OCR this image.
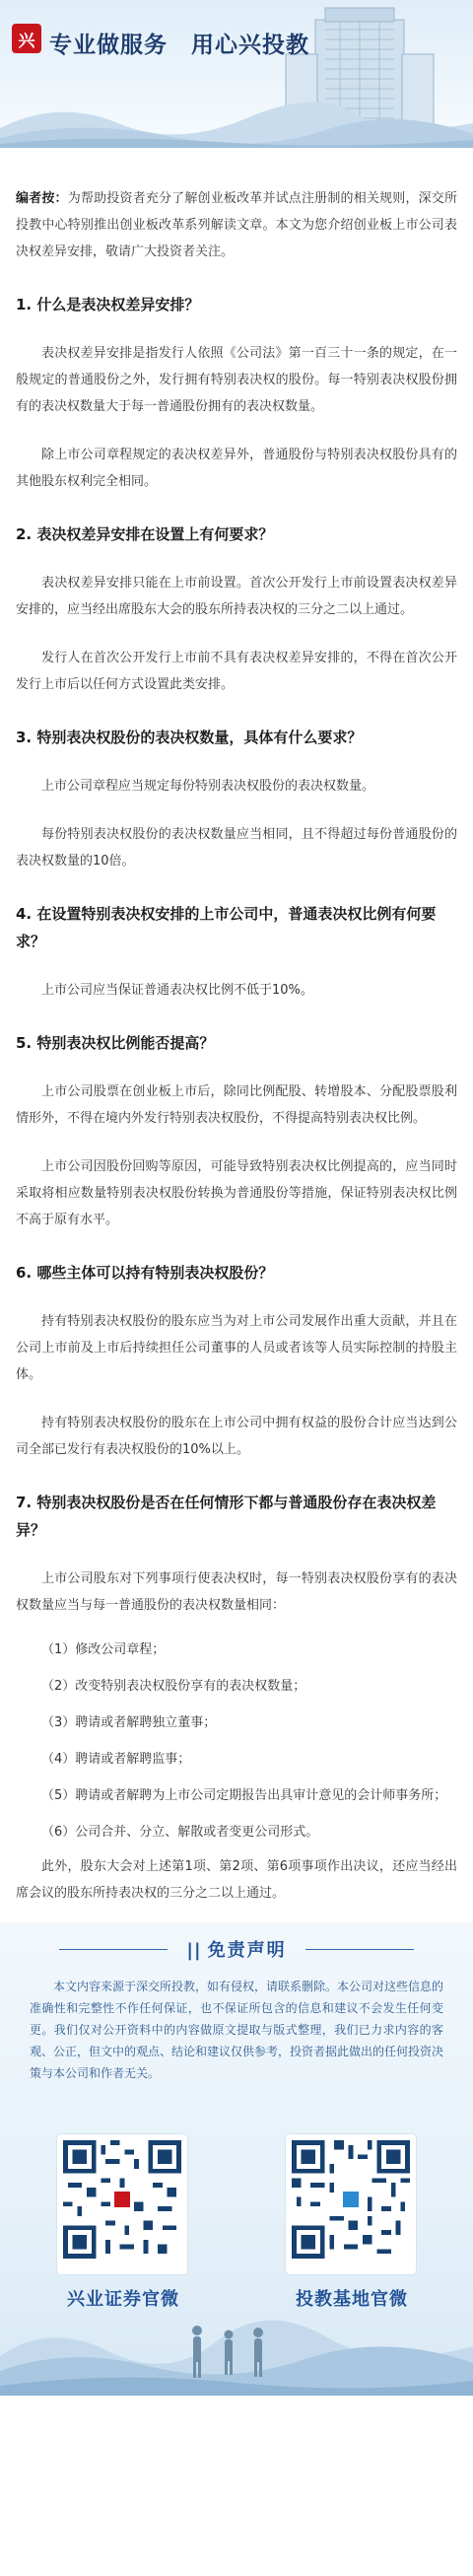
兴 专业做服务　用心兴投教

编者按：为帮助投资者充分了解创业板改革并试点注册制的相关规则，深交所投教中心特别推出创业板改革系列解读文章。本文为您介绍创业板上市公司表决权差异安排，敬请广大投资者关注。

1. 什么是表决权差异安排？

表决权差异安排是指发行人依照《公司法》第一百三十一条的规定，在一般规定的普通股份之外，发行拥有特别表决权的股份。每一特别表决权股份拥有的表决权数量大于每一普通股份拥有的表决权数量。

除上市公司章程规定的表决权差异外，普通股份与特别表决权股份具有的其他股东权利完全相同。

2. 表决权差异安排在设置上有何要求？

表决权差异安排只能在上市前设置。首次公开发行上市前设置表决权差异安排的，应当经出席股东大会的股东所持表决权的三分之二以上通过。

发行人在首次公开发行上市前不具有表决权差异安排的，不得在首次公开发行上市后以任何方式设置此类安排。

3. 特别表决权股份的表决权数量，具体有什么要求？

上市公司章程应当规定每份特别表决权股份的表决权数量。

每份特别表决权股份的表决权数量应当相同，且不得超过每份普通股份的表决权数量的10倍。

4. 在设置特别表决权安排的上市公司中，普通表决权比例有何要求？

上市公司应当保证普通表决权比例不低于10%。

5. 特别表决权比例能否提高？

上市公司股票在创业板上市后，除同比例配股、转增股本、分配股票股利情形外，不得在境内外发行特别表决权股份，不得提高特别表决权比例。

上市公司因股份回购等原因，可能导致特别表决权比例提高的，应当同时采取将相应数量特别表决权股份转换为普通股份等措施，保证特别表决权比例不高于原有水平。

6. 哪些主体可以持有特别表决权股份？

持有特别表决权股份的股东应当为对上市公司发展作出重大贡献，并且在公司上市前及上市后持续担任公司董事的人员或者该等人员实际控制的持股主体。

持有特别表决权股份的股东在上市公司中拥有权益的股份合计应当达到公司全部已发行有表决权股份的10%以上。

7. 特别表决权股份是否在任何情形下都与普通股份存在表决权差异？

上市公司股东对下列事项行使表决权时，每一特别表决权股份享有的表决权数量应当与每一普通股份的表决权数量相同：

（1）修改公司章程；

（2）改变特别表决权股份享有的表决权数量；

（3）聘请或者解聘独立董事；

（4）聘请或者解聘监事；

（5）聘请或者解聘为上市公司定期报告出具审计意见的会计师事务所；

（6）公司合并、分立、解散或者变更公司形式。

此外，股东大会对上述第1项、第2项、第6项事项作出决议，还应当经出席会议的股东所持表决权的三分之二以上通过。

|| 免责声明

本文内容来源于深交所投教，如有侵权，请联系删除。本公司对这些信息的准确性和完整性不作任何保证，也不保证所包含的信息和建议不会发生任何变更。我们仅对公开资料中的内容做原文提取与版式整理，我们已力求内容的客观、公正，但文中的观点、结论和建议仅供参考，投资者据此做出的任何投资决策与本公司和作者无关。

兴业证券官微	投教基地官微
